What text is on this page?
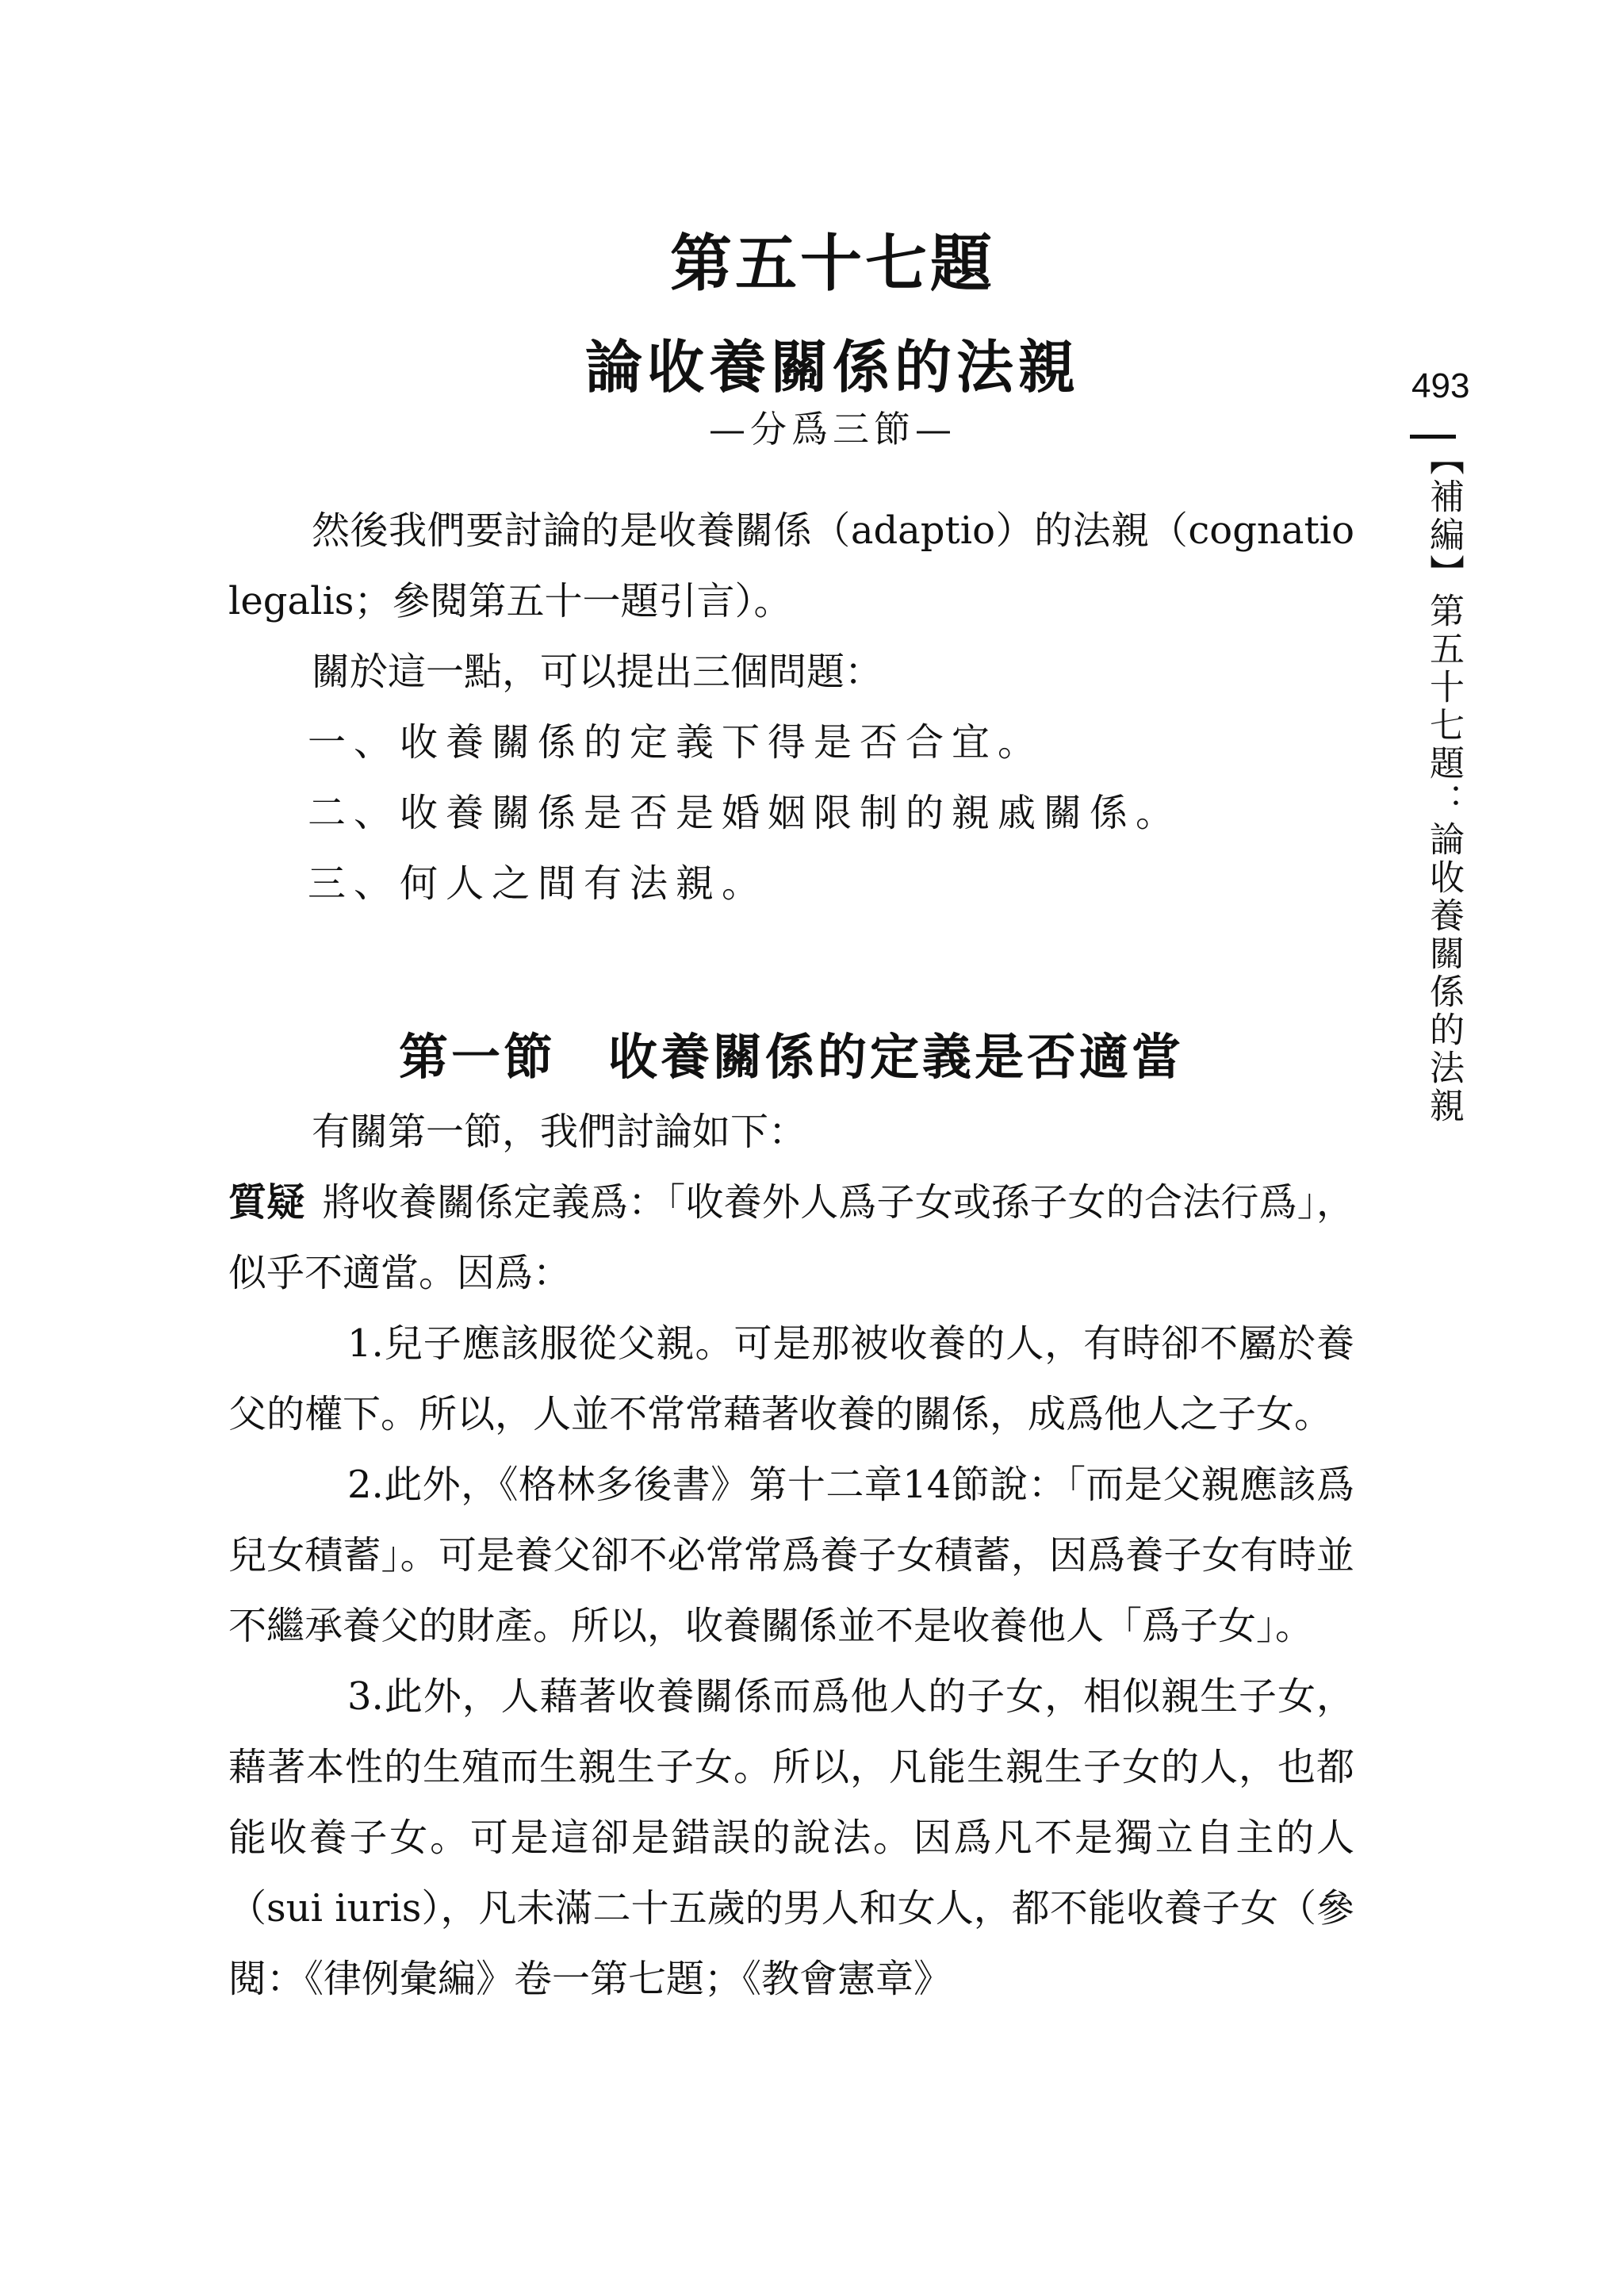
第五十七題
論收養關係的法親
—分爲三節—

然後我們要討論的是收養關係（adaptio）的法親（cognatio legalis；參閱第五十一題引言）。

關於這一點，可以提出三個問題：

一、收養關係的定義下得是否合宜。

二、收養關係是否是婚姻限制的親戚關係。

三、何人之間有法親。

第一節　收養關係的定義是否適當

有關第一節，我們討論如下：

質疑 將收養關係定義爲：「收養外人爲子女或孫子女的合法行爲」，似乎不適當。因爲：

1.兒子應該服從父親。可是那被收養的人，有時卻不屬於養父的權下。所以，人並不常常藉著收養的關係，成爲他人之子女。

2.此外，《格林多後書》第十二章14節說：「而是父親應該爲兒女積蓄」。可是養父卻不必常常爲養子女積蓄，因爲養子女有時並不繼承養父的財產。所以，收養關係並不是收養他人「爲子女」。

3.此外，人藉著收養關係而爲他人的子女，相似親生子女，藉著本性的生殖而生親生子女。所以，凡能生親生子女的人，也都能收養子女。可是這卻是錯誤的說法。因爲凡不是獨立自主的人（sui iuris），凡未滿二十五歲的男人和女人，都不能收養子女（參閱：《律例彙編》卷一第七題；《教會憲章》

493
【補編】第五十七題：論收養關係的法親
